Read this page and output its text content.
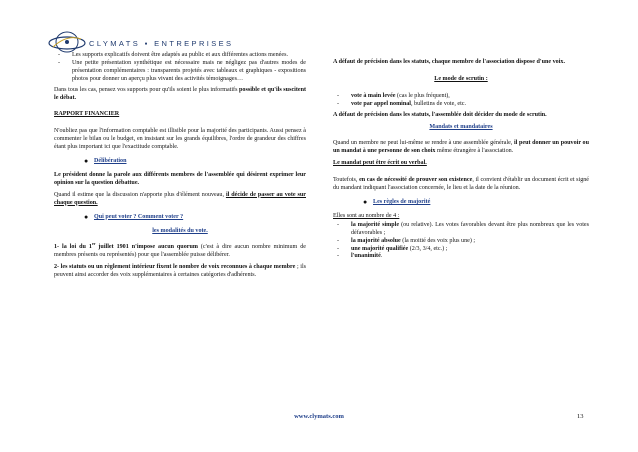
CLYMATS ▪ ENTREPRISES
- Les supports explicatifs doivent être adaptés au public et aux différentes actions menées.
- Une petite présentation synthétique est nécessaire mais ne négligez pas d'autres modes de présentation complémentaires : transparents projetés avec tableaux et graphiques - expositions photos pour donner un aperçu plus vivant des activités témoignages…

Dans tous les cas, pensez vos supports pour qu'ils soient le plus informatifs possible et qu'ils suscitent le débat.

RAPPORT FINANCIER

N'oubliez pas que l'information comptable est illisible pour la majorité des participants. Aussi pensez à commenter le bilan ou le budget, en insistant sur les grands équilibres, l'ordre de grandeur des chiffres étant plus important ici que l'exactitude comptable.

● Délibération

Le président donne la parole aux différents membres de l'assemblée qui désirent exprimer leur opinion sur la question débattue.

Quand il estime que la discussion n'apporte plus d'élément nouveau, il décide de passer au vote sur chaque question.

● Qui peut voter ? Comment voter ?

les modalités du vote.

1- la loi du 1er juillet 1901 n'impose aucun quorum (c'est à dire aucun nombre minimum de membres présents ou représentés) pour que l'assemblée puisse délibérer.

2- les statuts ou un règlement intérieur fixent le nombre de voix reconnues à chaque membre ; ils peuvent ainsi accorder des voix supplémentaires à certaines catégories d'adhérents.

A défaut de précision dans les statuts, chaque membre de l'association dispose d'une voix.

Le mode de scrutin :

- vote à main levée (cas le plus fréquent),
- vote par appel nominal, bulletins de vote, etc.

A défaut de précision dans les statuts, l'assemblée doit décider du mode de scrutin.

Mandats et mandataires

Quand un membre ne peut lui-même se rendre à une assemblée générale, il peut donner un pouvoir ou un mandat à une personne de son choix même étrangère à l'association.

Le mandat peut être écrit ou verbal.

Toutefois, en cas de nécessité de prouver son existence, il convient d'établir un document écrit et signé du mandant indiquant l'association concernée, le lieu et la date de la réunion.

● Les règles de majorité

Elles sont au nombre de 4 :

- la majorité simple (ou relative). Les votes favorables devant être plus nombreux que les votes défavorables ;
- la majorité absolue (la moitié des voix plus une) ;
- une majorité qualifiée (2/3, 3/4, etc.) ;
- l'unanimité.
www.clymats.com	13
